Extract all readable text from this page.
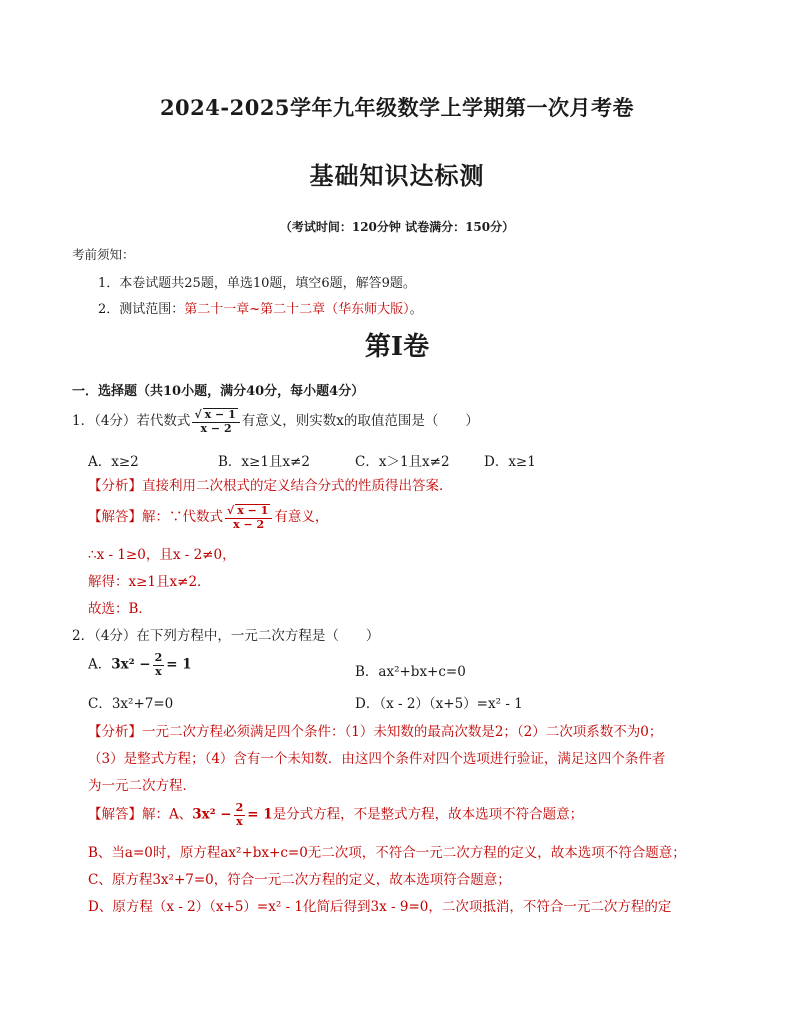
2024-2025学年九年级数学上学期第一次月考卷
基础知识达标测
（考试时间：120分钟 试卷满分：150分）
考前须知：
1．本卷试题共25题，单选10题，填空6题，解答9题。
2．测试范围：第二十一章~第二十二章（华东师大版）。
第Ⅰ卷
一．选择题（共10小题，满分40分，每小题4分）
1．（4分）若代数式 $\frac{√ x - 1}{x - 2}$ 有意义，则实数x的取值范围是（　　）
A．x≥2	B．x≥1且x≠2	C．x＞1且x≠2	D．x≥1
【分析】直接利用二次根式的定义结合分式的性质得出答案．
【解答】解：∵代数式 $\frac{√ x - 1}{x - 2}$ 有意义，
∴x - 1≥0，且x - 2≠0，
解得：x≥1且x≠2．
故选：B．
2．（4分）在下列方程中，一元二次方程是（　　）
A．$3x^2 - \frac{2}{x} = 1$	B．ax²+bx+c=0
C．3x²+7=0	D．（x - 2）（x+5）=x² - 1
【分析】一元二次方程必须满足四个条件：（1）未知数的最高次数是2；（2）二次项系数不为0；
（3）是整式方程；（4）含有一个未知数．由这四个条件对四个选项进行验证，满足这四个条件者
为一元二次方程．
【解答】解：A、$3x^2 - \frac{2}{x} = 1$是分式方程，不是整式方程，故本选项不符合题意；
B、当a=0时，原方程ax²+bx+c=0无二次项，不符合一元二次方程的定义，故本选项不符合题意；
C、原方程3x²+7=0，符合一元二次方程的定义，故本选项符合题意；
D、原方程（x - 2）（x+5）=x² - 1化简后得到3x - 9=0，二次项抵消，不符合一元二次方程的定
